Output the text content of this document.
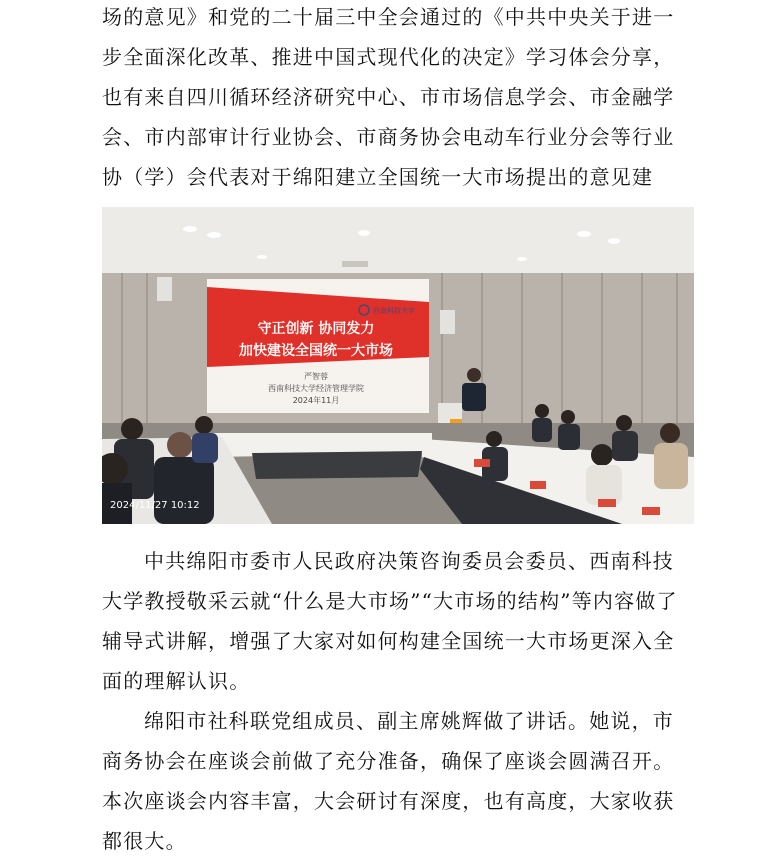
场的意见》和党的二十届三中全会通过的《中共中央关于进一步全面深化改革、推进中国式现代化的决定》学习体会分享，也有来自四川循环经济研究中心、市市场信息学会、市金融学会、市内部审计行业协会、市商务协会电动车行业分会等行业协（学）会代表对于绵阳建立全国统一大市场提出的意见建

守正创新 协同发力
加快建设全国统一大市场
严智蓉
西南科技大学经济管理学院
2024年11月
西南科技大学
2024/11/27 10:12

中共绵阳市委市人民政府决策咨询委员会委员、西南科技大学教授敬采云就“什么是大市场”“大市场的结构”等内容做了辅导式讲解，增强了大家对如何构建全国统一大市场更深入全面的理解认识。

绵阳市社科联党组成员、副主席姚辉做了讲话。她说，市商务协会在座谈会前做了充分准备，确保了座谈会圆满召开。本次座谈会内容丰富，大会研讨有深度，也有高度，大家收获都很大。
